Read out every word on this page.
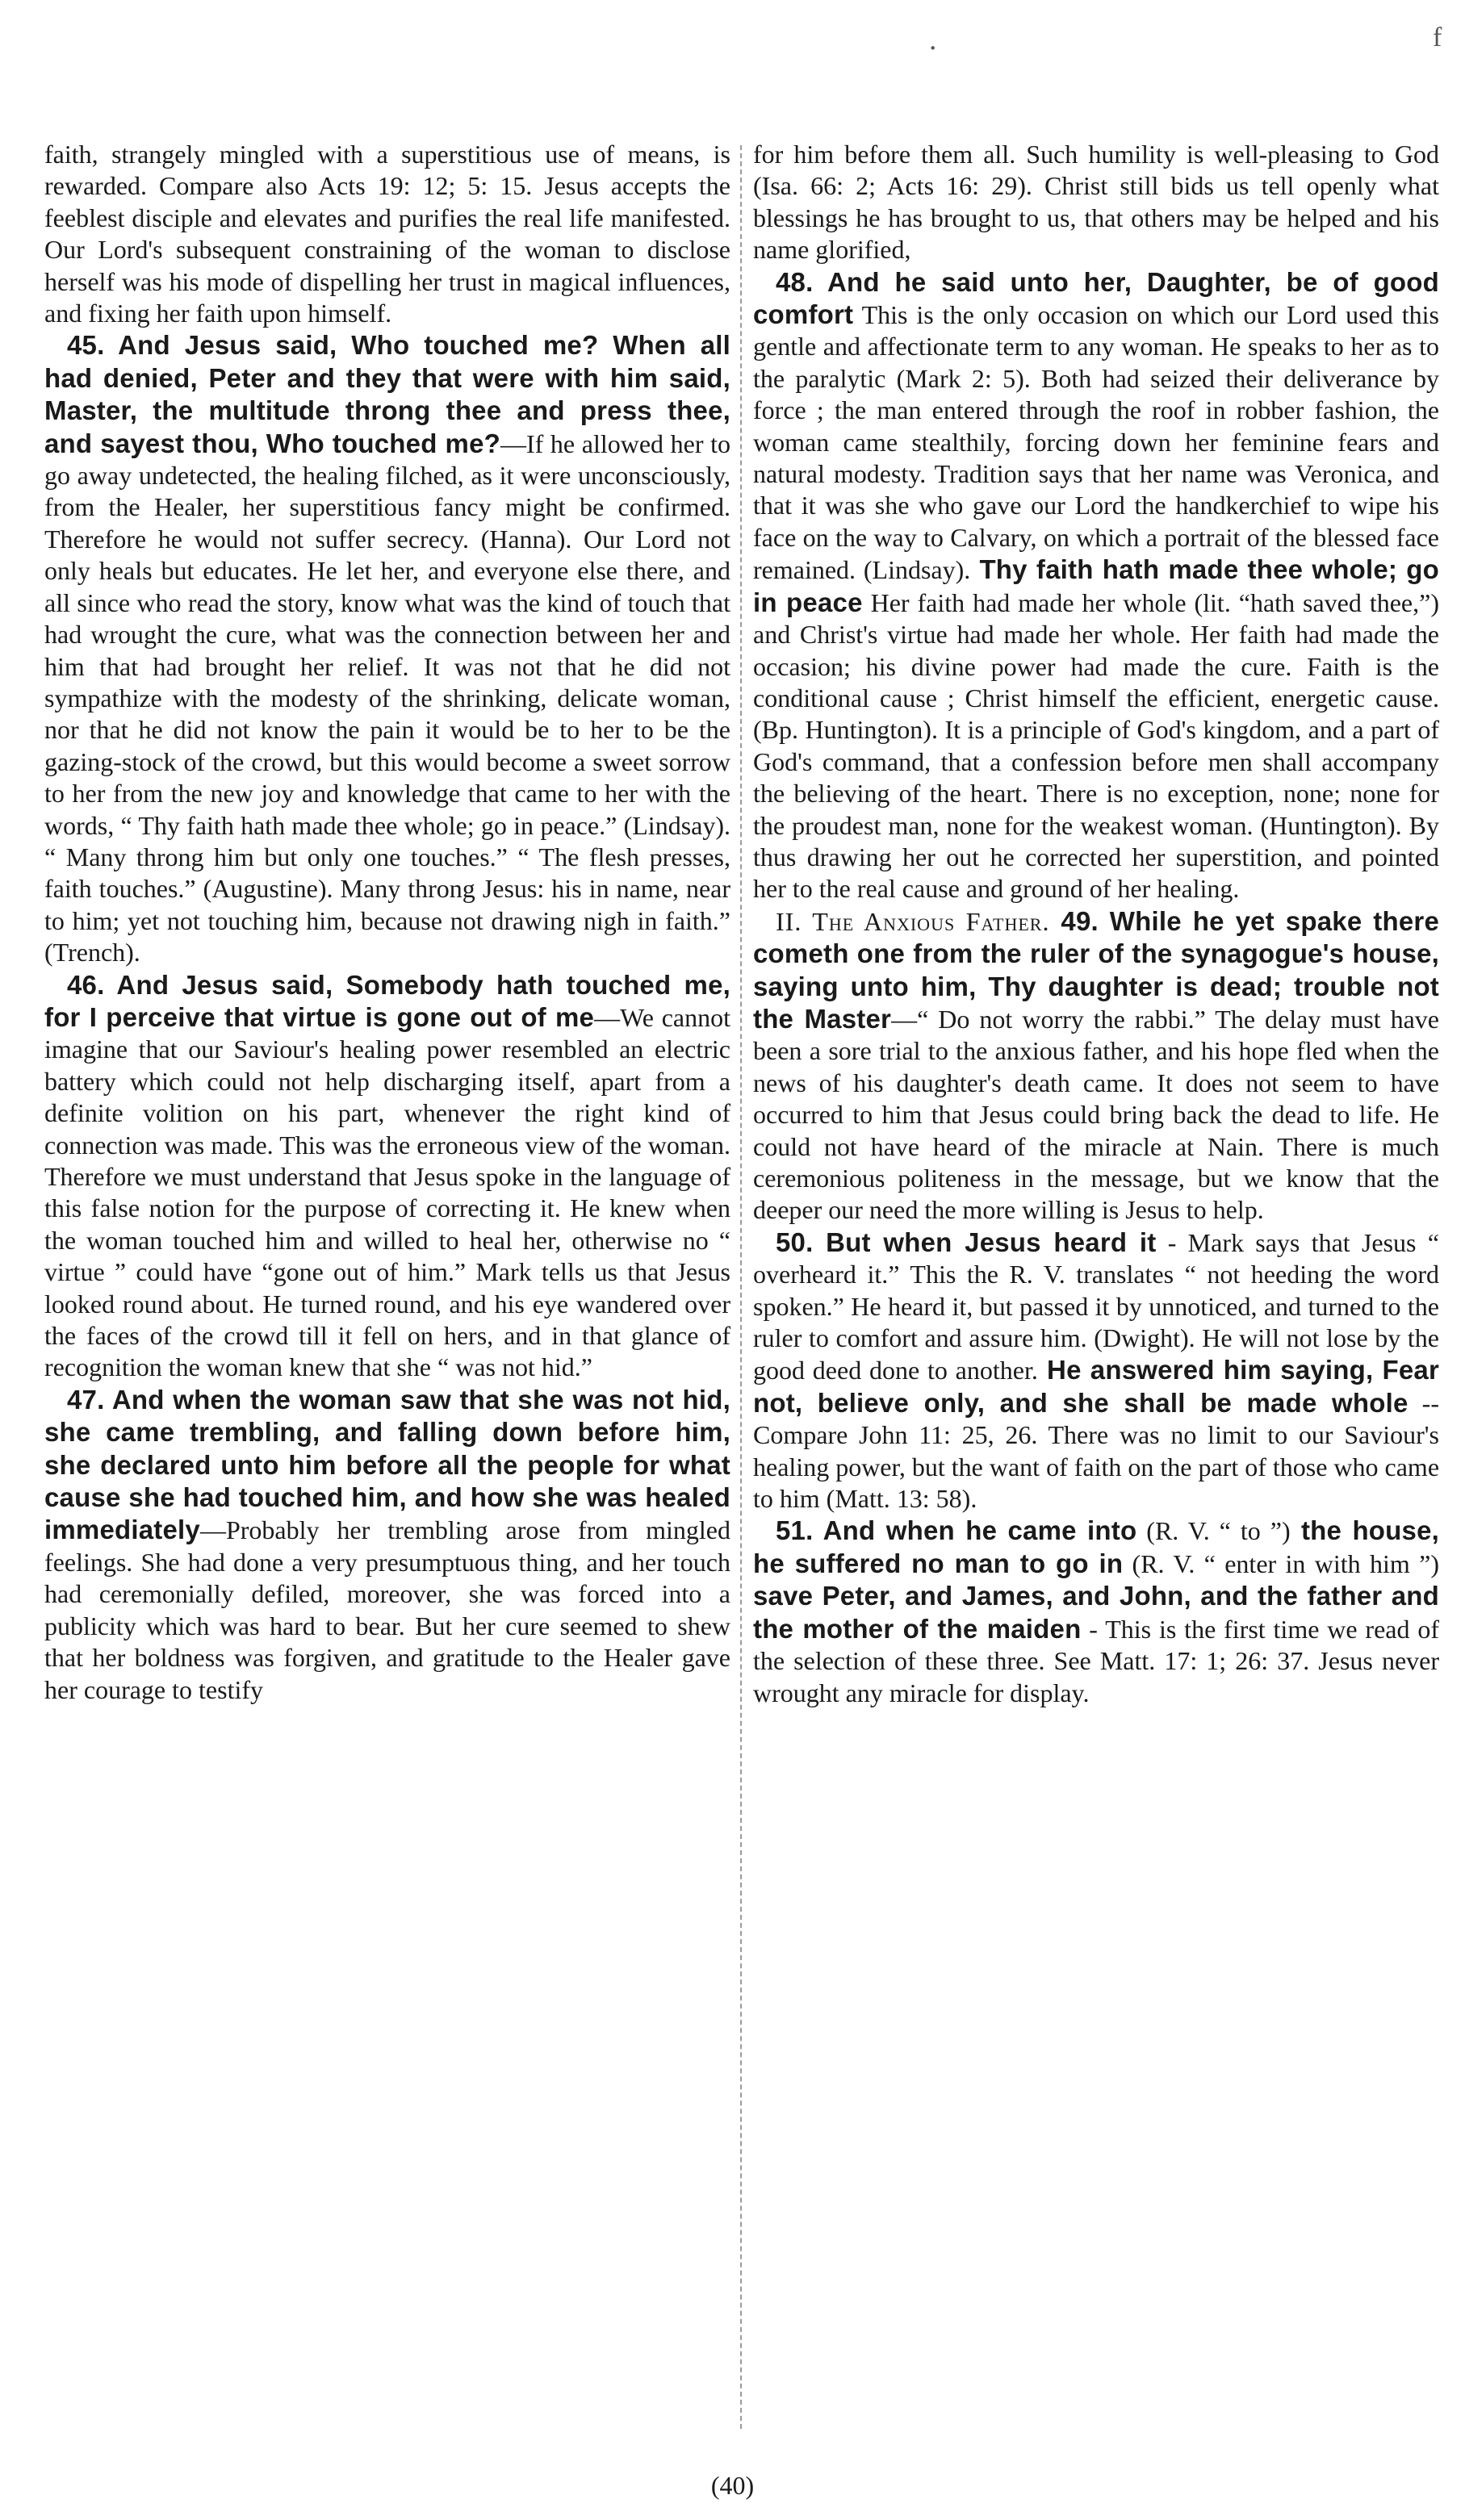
․	f

faith, strangely mingled with a superstitious use of means, is rewarded. Compare also Acts 19: 12; 5: 15. Jesus accepts the feeblest disciple and elevates and purifies the real life manifested. Our Lord's subsequent constraining of the woman to disclose herself was his mode of dispelling her trust in magical influences, and fixing her faith upon himself.

45. And Jesus said, Who touched me? When all had denied, Peter and they that were with him said, Master, the multitude throng thee and press thee, and sayest thou, Who touched me?—If he allowed her to go away undetected, the healing filched, as it were unconsciously, from the Healer, her superstitious fancy might be confirmed. Therefore he would not suffer secrecy. (Hanna). Our Lord not only heals but educates. He let her, and everyone else there, and all since who read the story, know what was the kind of touch that had wrought the cure, what was the connection between her and him that had brought her relief. It was not that he did not sympathize with the modesty of the shrinking, delicate woman, nor that he did not know the pain it would be to her to be the gazing-stock of the crowd, but this would become a sweet sorrow to her from the new joy and knowledge that came to her with the words, “ Thy faith hath made thee whole; go in peace.” (Lindsay). “ Many throng him but only one touches.” “ The flesh presses, faith touches.” (Augustine). Many throng Jesus: his in name, near to him; yet not touching him, because not drawing nigh in faith.” (Trench).

46. And Jesus said, Somebody hath touched me, for I perceive that virtue is gone out of me—We cannot imagine that our Saviour's healing power resembled an electric battery which could not help discharging itself, apart from a definite volition on his part, whenever the right kind of connection was made. This was the erroneous view of the woman. Therefore we must understand that Jesus spoke in the language of this false notion for the purpose of correcting it. He knew when the woman touched him and willed to heal her, otherwise no “ virtue ” could have “gone out of him.” Mark tells us that Jesus looked round about. He turned round, and his eye wandered over the faces of the crowd till it fell on hers, and in that glance of recognition the woman knew that she “ was not hid.”

47. And when the woman saw that she was not hid, she came trembling, and falling down before him, she declared unto him before all the people for what cause she had touched him, and how she was healed immediately—Probably her trembling arose from mingled feelings. She had done a very presumptuous thing, and her touch had ceremonially defiled, moreover, she was forced into a publicity which was hard to bear. But her cure seemed to shew that her boldness was forgiven, and gratitude to the Healer gave her courage to testify

for him before them all. Such humility is well-pleasing to God (Isa. 66: 2; Acts 16: 29). Christ still bids us tell openly what blessings he has brought to us, that others may be helped and his name glorified,

48. And he said unto her, Daughter, be of good comfort This is the only occasion on which our Lord used this gentle and affectionate term to any woman. He speaks to her as to the paralytic (Mark 2: 5). Both had seized their deliverance by force ; the man entered through the roof in robber fashion, the woman came stealthily, forcing down her feminine fears and natural modesty. Tradition says that her name was Veronica, and that it was she who gave our Lord the handkerchief to wipe his face on the way to Calvary, on which a portrait of the blessed face remained. (Lindsay). Thy faith hath made thee whole; go in peace Her faith had made her whole (lit. “hath saved thee,”) and Christ's virtue had made her whole. Her faith had made the occasion; his divine power had made the cure. Faith is the conditional cause ; Christ himself the efficient, energetic cause. (Bp. Huntington). It is a principle of God's kingdom, and a part of God's command, that a confession before men shall accompany the believing of the heart. There is no exception, none; none for the proudest man, none for the weakest woman. (Huntington). By thus drawing her out he corrected her superstition, and pointed her to the real cause and ground of her healing.

II. The Anxious Father. 49. While he yet spake there cometh one from the ruler of the synagogue's house, saying unto him, Thy daughter is dead; trouble not the Master—“ Do not worry the rabbi.” The delay must have been a sore trial to the anxious father, and his hope fled when the news of his daughter's death came. It does not seem to have occurred to him that Jesus could bring back the dead to life. He could not have heard of the miracle at Nain. There is much ceremonious politeness in the message, but we know that the deeper our need the more willing is Jesus to help.

50. But when Jesus heard it - Mark says that Jesus “ overheard it.” This the R. V. translates “ not heeding the word spoken.” He heard it, but passed it by unnoticed, and turned to the ruler to comfort and assure him. (Dwight). He will not lose by the good deed done to another. He answered him saying, Fear not, believe only, and she shall be made whole -- Compare John 11: 25, 26. There was no limit to our Saviour's healing power, but the want of faith on the part of those who came to him (Matt. 13: 58).

51. And when he came into (R. V. “ to ”) the house, he suffered no man to go in (R. V. “ enter in with him ”) save Peter, and James, and John, and the father and the mother of the maiden - This is the first time we read of the selection of these three. See Matt. 17: 1; 26: 37. Jesus never wrought any miracle for display.

(40)
